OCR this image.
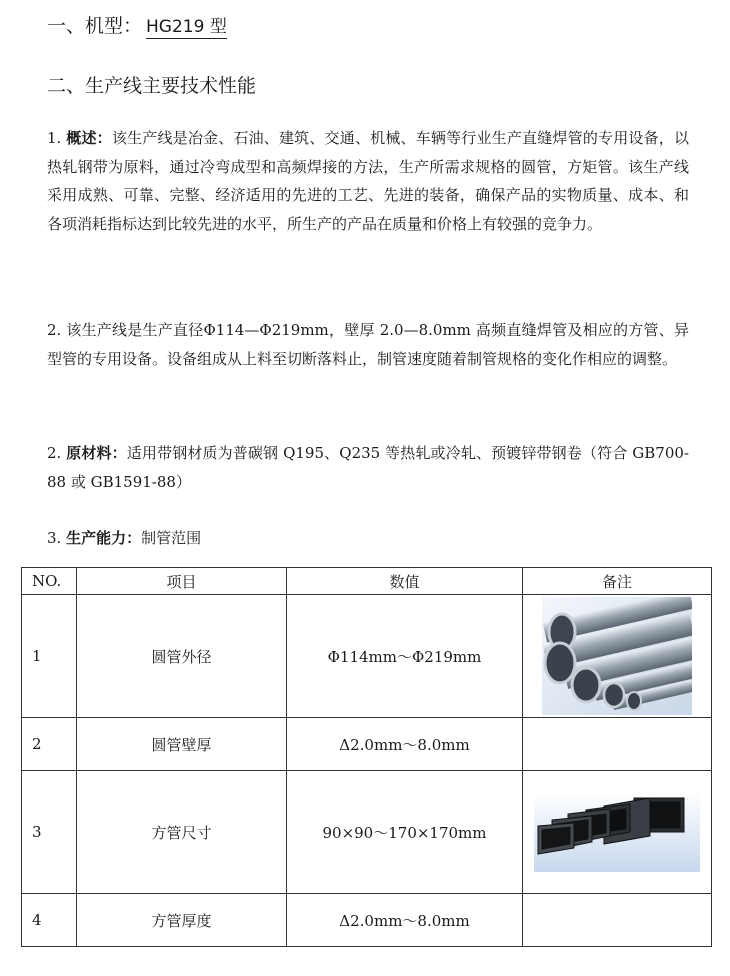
一、机型： HG219 型
二、生产线主要技术性能
1. 概述：该生产线是冶金、石油、建筑、交通、机械、车辆等行业生产直缝焊管的专用设备，以热轧钢带为原料，通过冷弯成型和高频焊接的方法，生产所需求规格的圆管，方矩管。该生产线采用成熟、可靠、完整、经济适用的先进的工艺、先进的装备，确保产品的实物质量、成本、和各项消耗指标达到比较先进的水平，所生产的产品在质量和价格上有较强的竞争力。
2. 该生产线是生产直径Φ114—Φ219mm，壁厚 2.0—8.0mm 高频直缝焊管及相应的方管、异型管的专用设备。设备组成从上料至切断落料止，制管速度随着制管规格的变化作相应的调整。
2. 原材料：适用带钢材质为普碳钢 Q195、Q235 等热轧或冷轧、预镀锌带钢卷（符合 GB700-88 或 GB1591-88）
3. 生产能力：制管范围
NO.	项目	数值	备注
1	圆管外径	Φ114mm～Φ219mm	

2	圆管壁厚	Δ2.0mm～8.0mm	
3	方管尺寸	90×90～170×170mm	

4	方管厚度	Δ2.0mm～8.0mm	
